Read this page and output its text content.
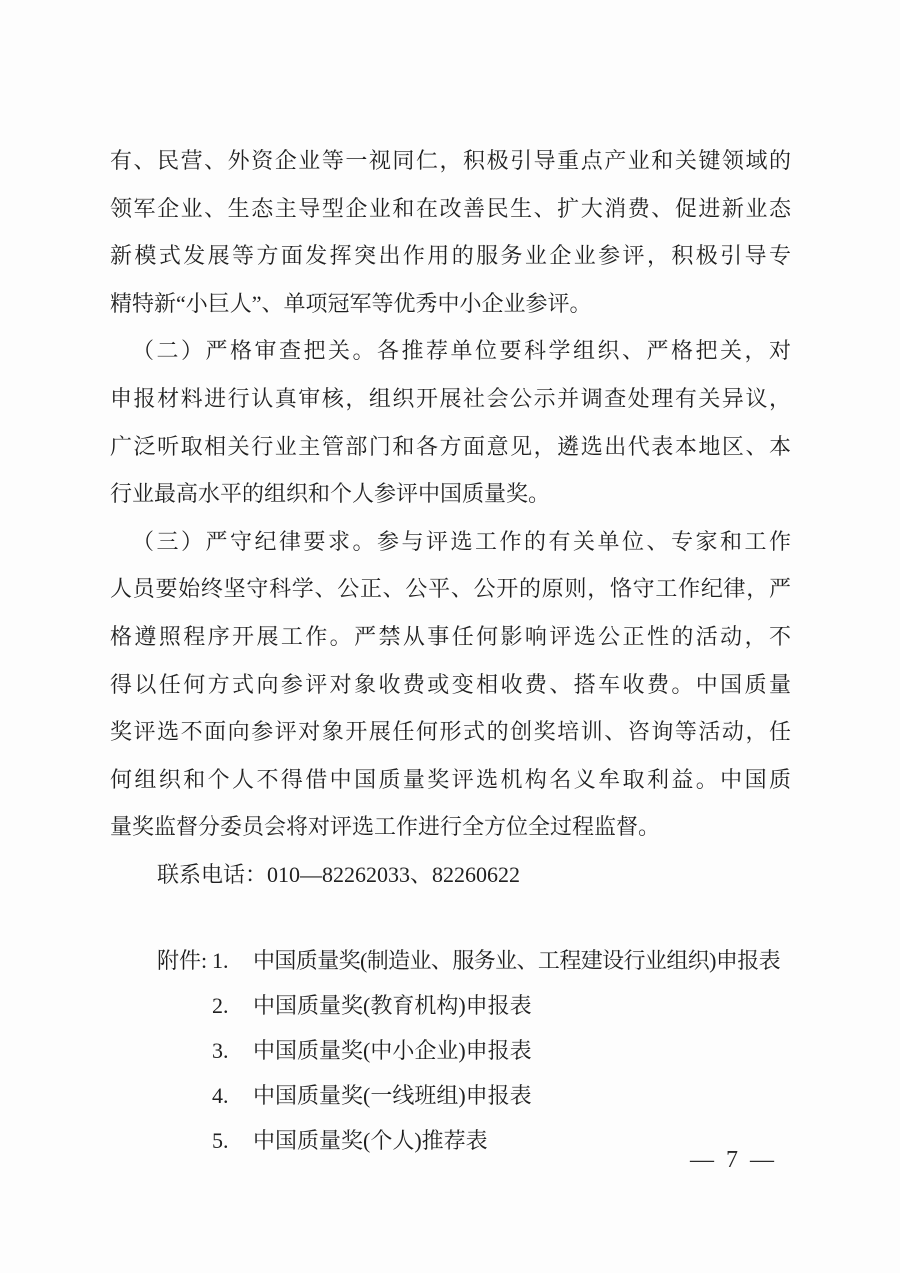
有、民营、外资企业等一视同仁，积极引导重点产业和关键领域的
领军企业、生态主导型企业和在改善民生、扩大消费、促进新业态
新模式发展等方面发挥突出作用的服务业企业参评，积极引导专
精特新“小巨人”、单项冠军等优秀中小企业参评。
（二）严格审查把关。各推荐单位要科学组织、严格把关，对
申报材料进行认真审核，组织开展社会公示并调查处理有关异议，
广泛听取相关行业主管部门和各方面意见，遴选出代表本地区、本
行业最高水平的组织和个人参评中国质量奖。
（三）严守纪律要求。参与评选工作的有关单位、专家和工作
人员要始终坚守科学、公正、公平、公开的原则，恪守工作纪律，严
格遵照程序开展工作。严禁从事任何影响评选公正性的活动，不
得以任何方式向参评对象收费或变相收费、搭车收费。中国质量
奖评选不面向参评对象开展任何形式的创奖培训、咨询等活动，任
何组织和个人不得借中国质量奖评选机构名义牟取利益。中国质
量奖监督分委员会将对评选工作进行全方位全过程监督。
联系电话：010—82262033、82260622
附件: 1.	中国质量奖(制造业、服务业、工程建设行业组织)申报表
2.	中国质量奖(教育机构)申报表
3.	中国质量奖(中小企业)申报表
4.	中国质量奖(一线班组)申报表
5.	中国质量奖(个人)推荐表
— 7 —
